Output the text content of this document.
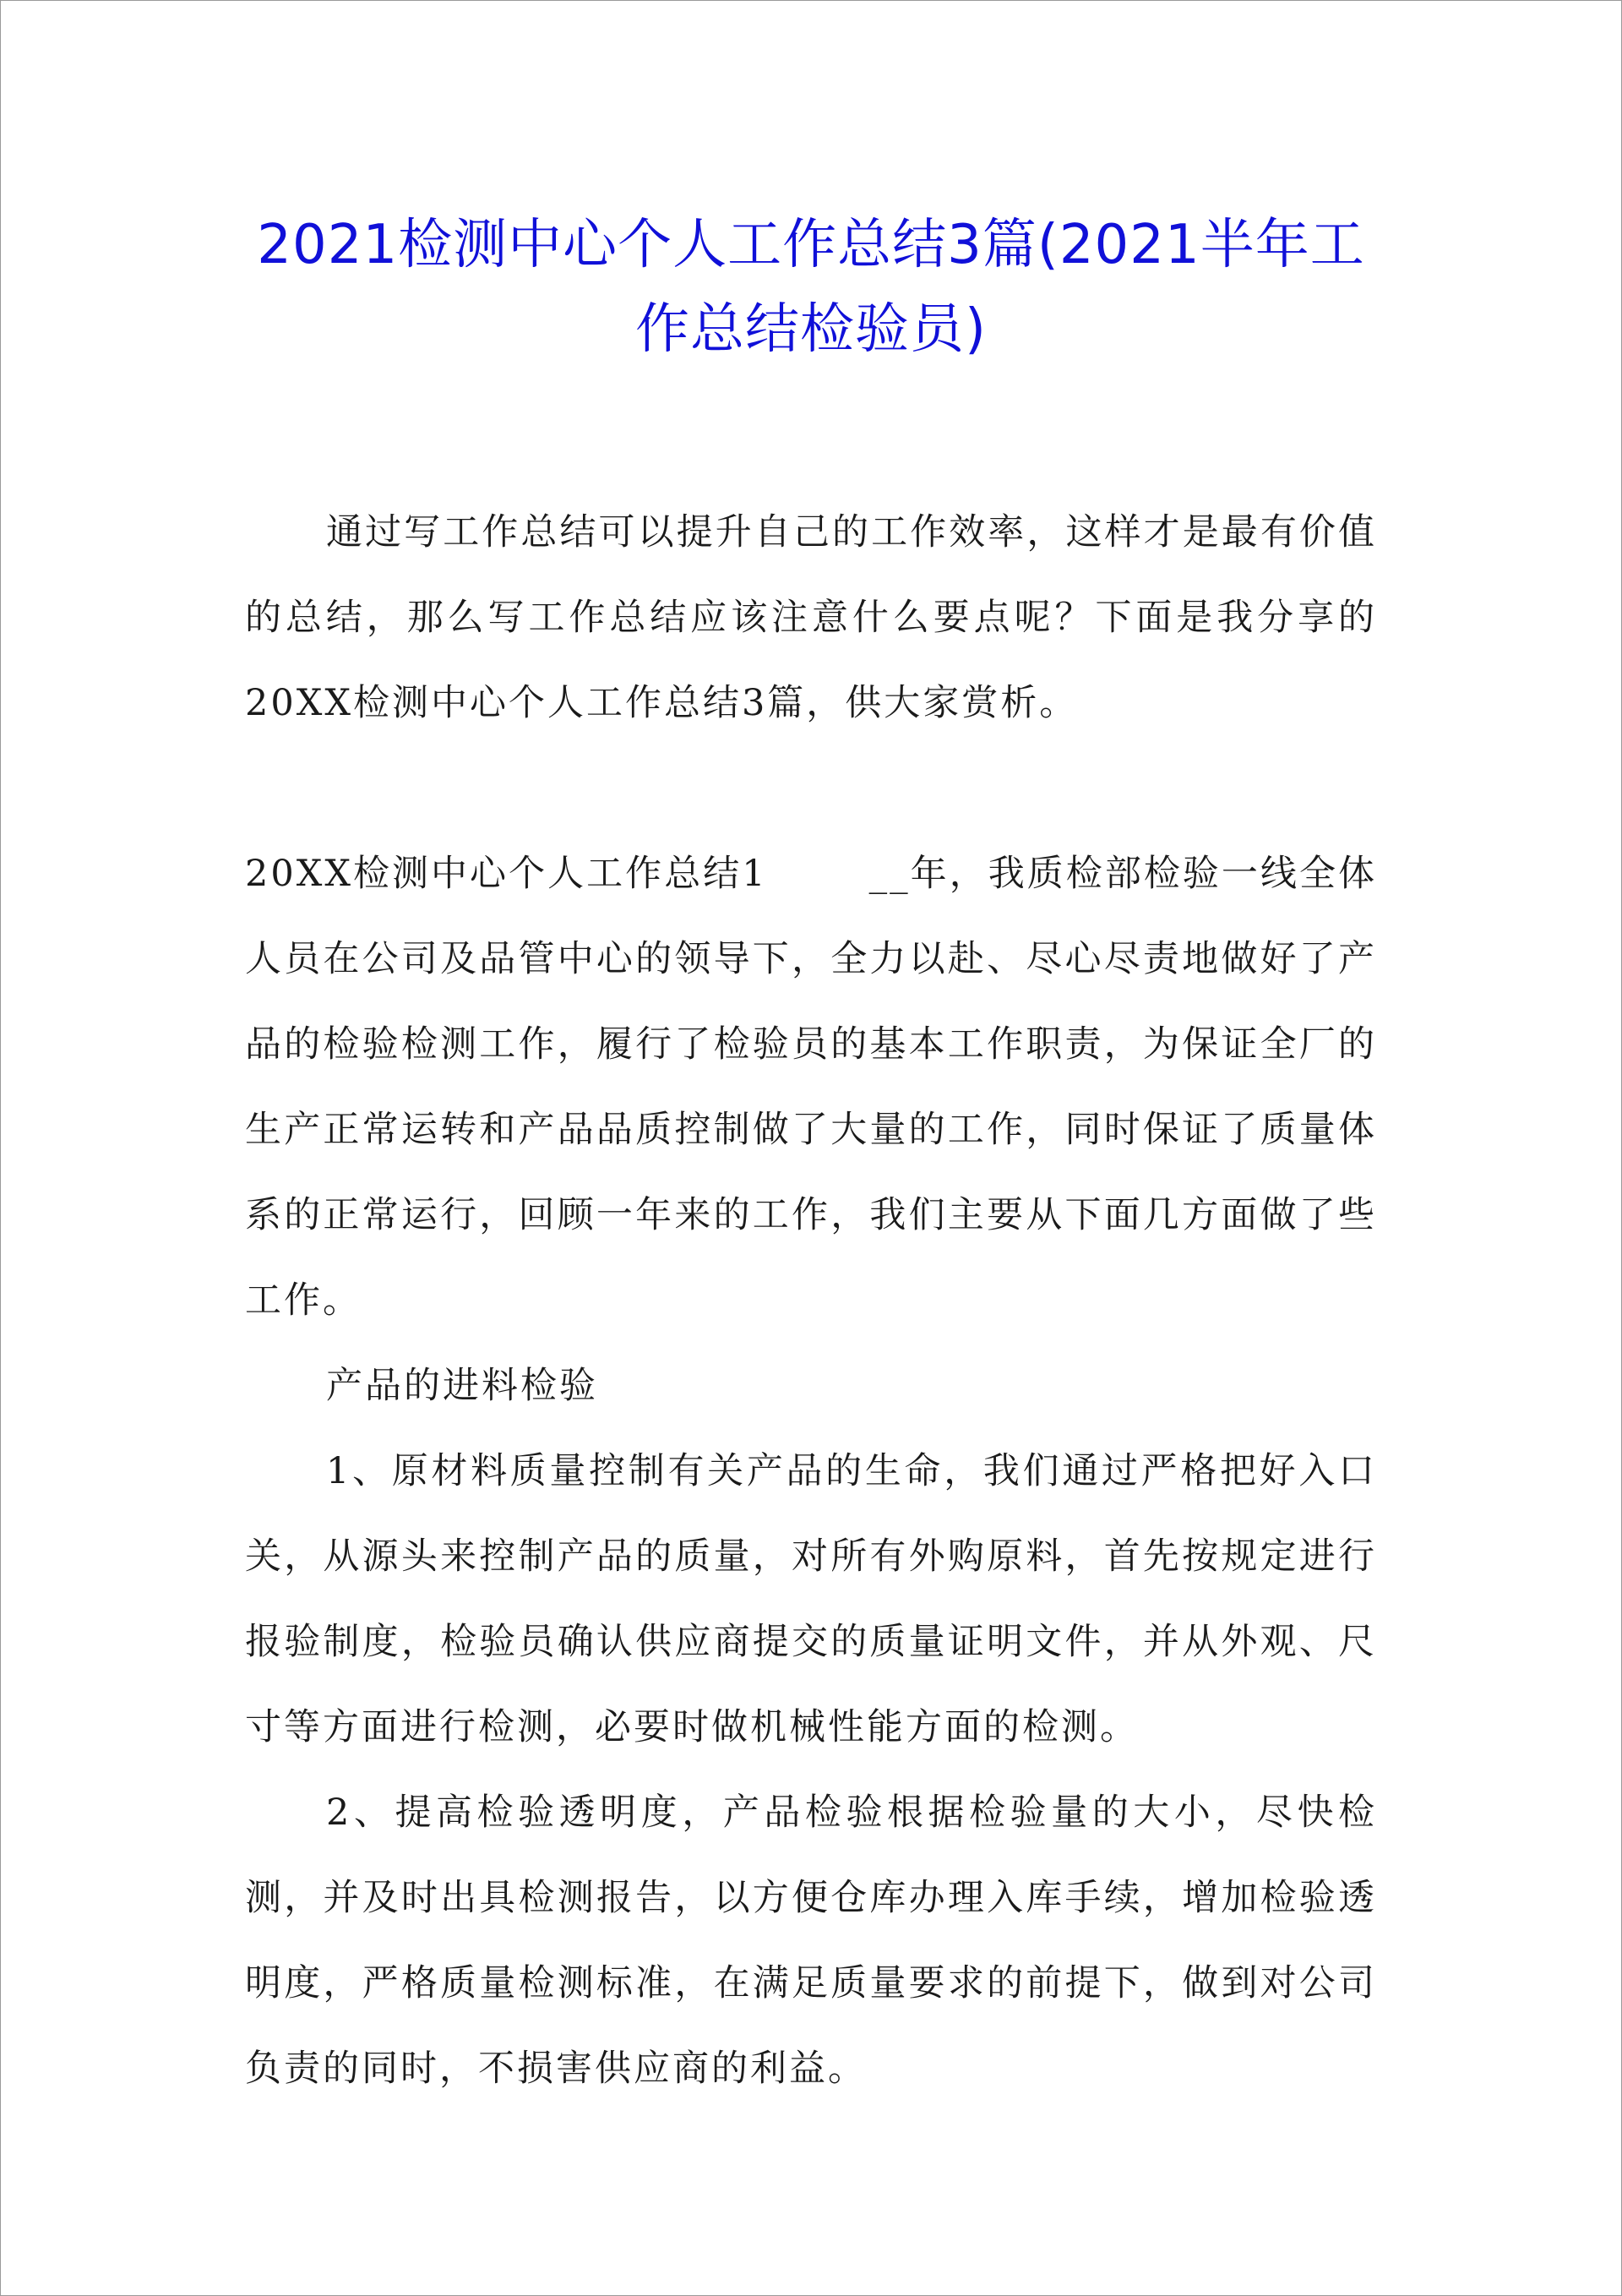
2021检测中心个人工作总结3篇(2021半年工作总结检验员)

通过写工作总结可以提升自己的工作效率，这样才是最有价值的总结，那么写工作总结应该注意什么要点呢？下面是我分享的20XX检测中心个人工作总结3篇，供大家赏析。

20XX检测中心个人工作总结1	__年，我质检部检验一线全体人员在公司及品管中心的领导下，全力以赴、尽心尽责地做好了产品的检验检测工作，履行了检验员的基本工作职责，为保证全厂的生产正常运转和产品品质控制做了大量的工作，同时保证了质量体系的正常运行，回顾一年来的工作，我们主要从下面几方面做了些工作。

产品的进料检验

1、原材料质量控制有关产品的生命，我们通过严格把好入口关，从源头来控制产品的质量，对所有外购原料，首先按规定进行报验制度，检验员确认供应商提交的质量证明文件，并从外观、尺寸等方面进行检测，必要时做机械性能方面的检测。

2、提高检验透明度，产品检验根据检验量的大小，尽快检测，并及时出具检测报告，以方便仓库办理入库手续，增加检验透明度，严格质量检测标准，在满足质量要求的前提下，做到对公司负责的同时，不损害供应商的利益。
